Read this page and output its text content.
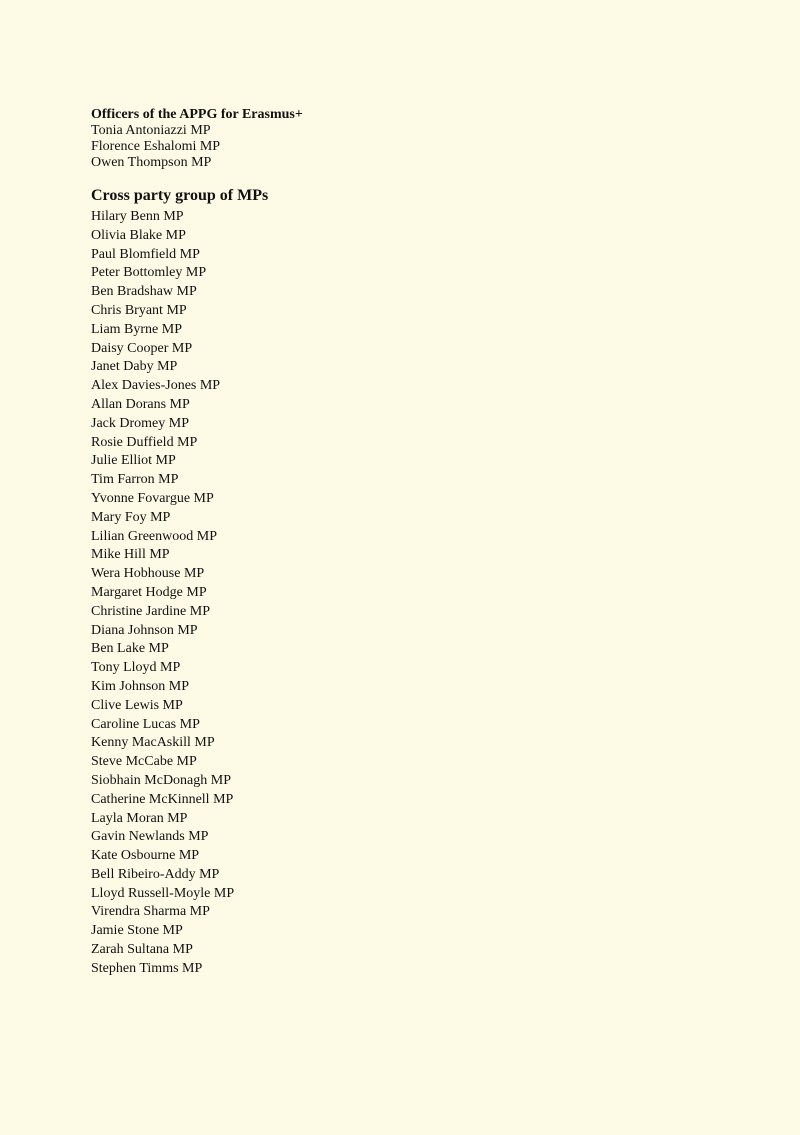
Officers of the APPG for Erasmus+
Tonia Antoniazzi MP
Florence Eshalomi MP
Owen Thompson MP
Cross party group of MPs
Hilary Benn MP
Olivia Blake MP
Paul Blomfield MP
Peter Bottomley MP
Ben Bradshaw MP
Chris Bryant MP
Liam Byrne MP
Daisy Cooper MP
Janet Daby MP
Alex Davies-Jones MP
Allan Dorans MP
Jack Dromey MP
Rosie Duffield MP
Julie Elliot MP
Tim Farron MP
Yvonne Fovargue MP
Mary Foy MP
Lilian Greenwood MP
Mike Hill MP
Wera Hobhouse MP
Margaret Hodge MP
Christine Jardine MP
Diana Johnson MP
Ben Lake MP
Tony Lloyd MP
Kim Johnson MP
Clive Lewis MP
Caroline Lucas MP
Kenny MacAskill MP
Steve McCabe MP
Siobhain McDonagh MP
Catherine McKinnell MP
Layla Moran MP
Gavin Newlands MP
Kate Osbourne MP
Bell Ribeiro-Addy MP
Lloyd Russell-Moyle MP
Virendra Sharma MP
Jamie Stone MP
Zarah Sultana MP
Stephen Timms MP
